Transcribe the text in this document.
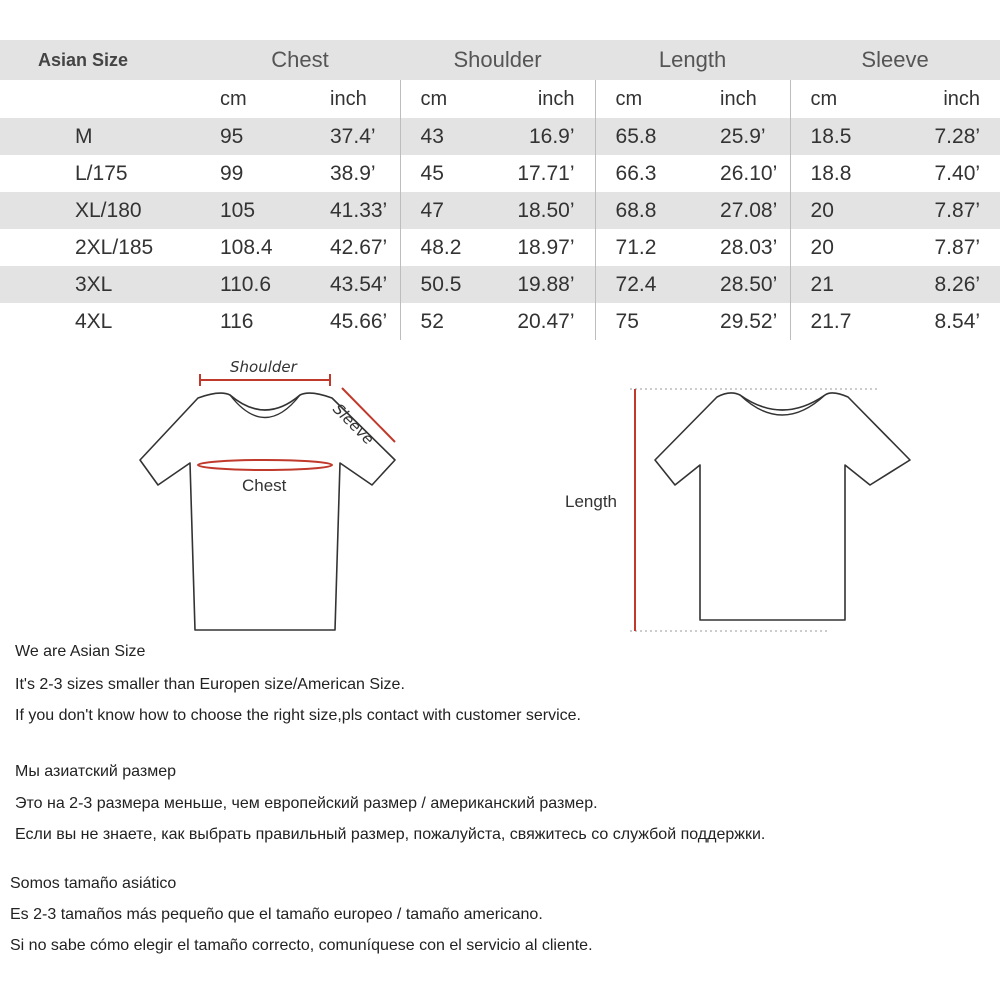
Asian Size	Chest		Shoulder		Length		Sleeve	
	cm	inch	cm	inch	cm	inch	cm	inch
M	95	37.4’	43	16.9’	65.8	25.9’	18.5	7.28’
L/175	99	38.9’	45	17.71’	66.3	26.10’	18.8	7.40’
XL/180	105	41.33’	47	18.50’	68.8	27.08’	20	7.87’
2XL/185	108.4	42.67’	48.2	18.97’	71.2	28.03’	20	7.87’
3XL	110.6	43.54’	50.5	19.88’	72.4	28.50’	21	8.26’
4XL	116	45.66’	52	20.47’	75	29.52’	21.7	8.54’
Shoulder
Sleeve
Chest
Length
We are Asian Size
It's 2-3 sizes smaller than Europen size/American Size.
If you don't know how to choose the right size,pls contact with customer service.
Мы азиатский размер
Это на 2-3 размера меньше, чем европейский размер / американский размер.
Если вы не знаете, как выбрать правильный размер, пожалуйста, свяжитесь со службой поддержки.
Somos tamaño asiático
Es 2-3 tamaños más pequeño que el tamaño europeo / tamaño americano.
Si no sabe cómo elegir el tamaño correcto, comuníquese con el servicio al cliente.
